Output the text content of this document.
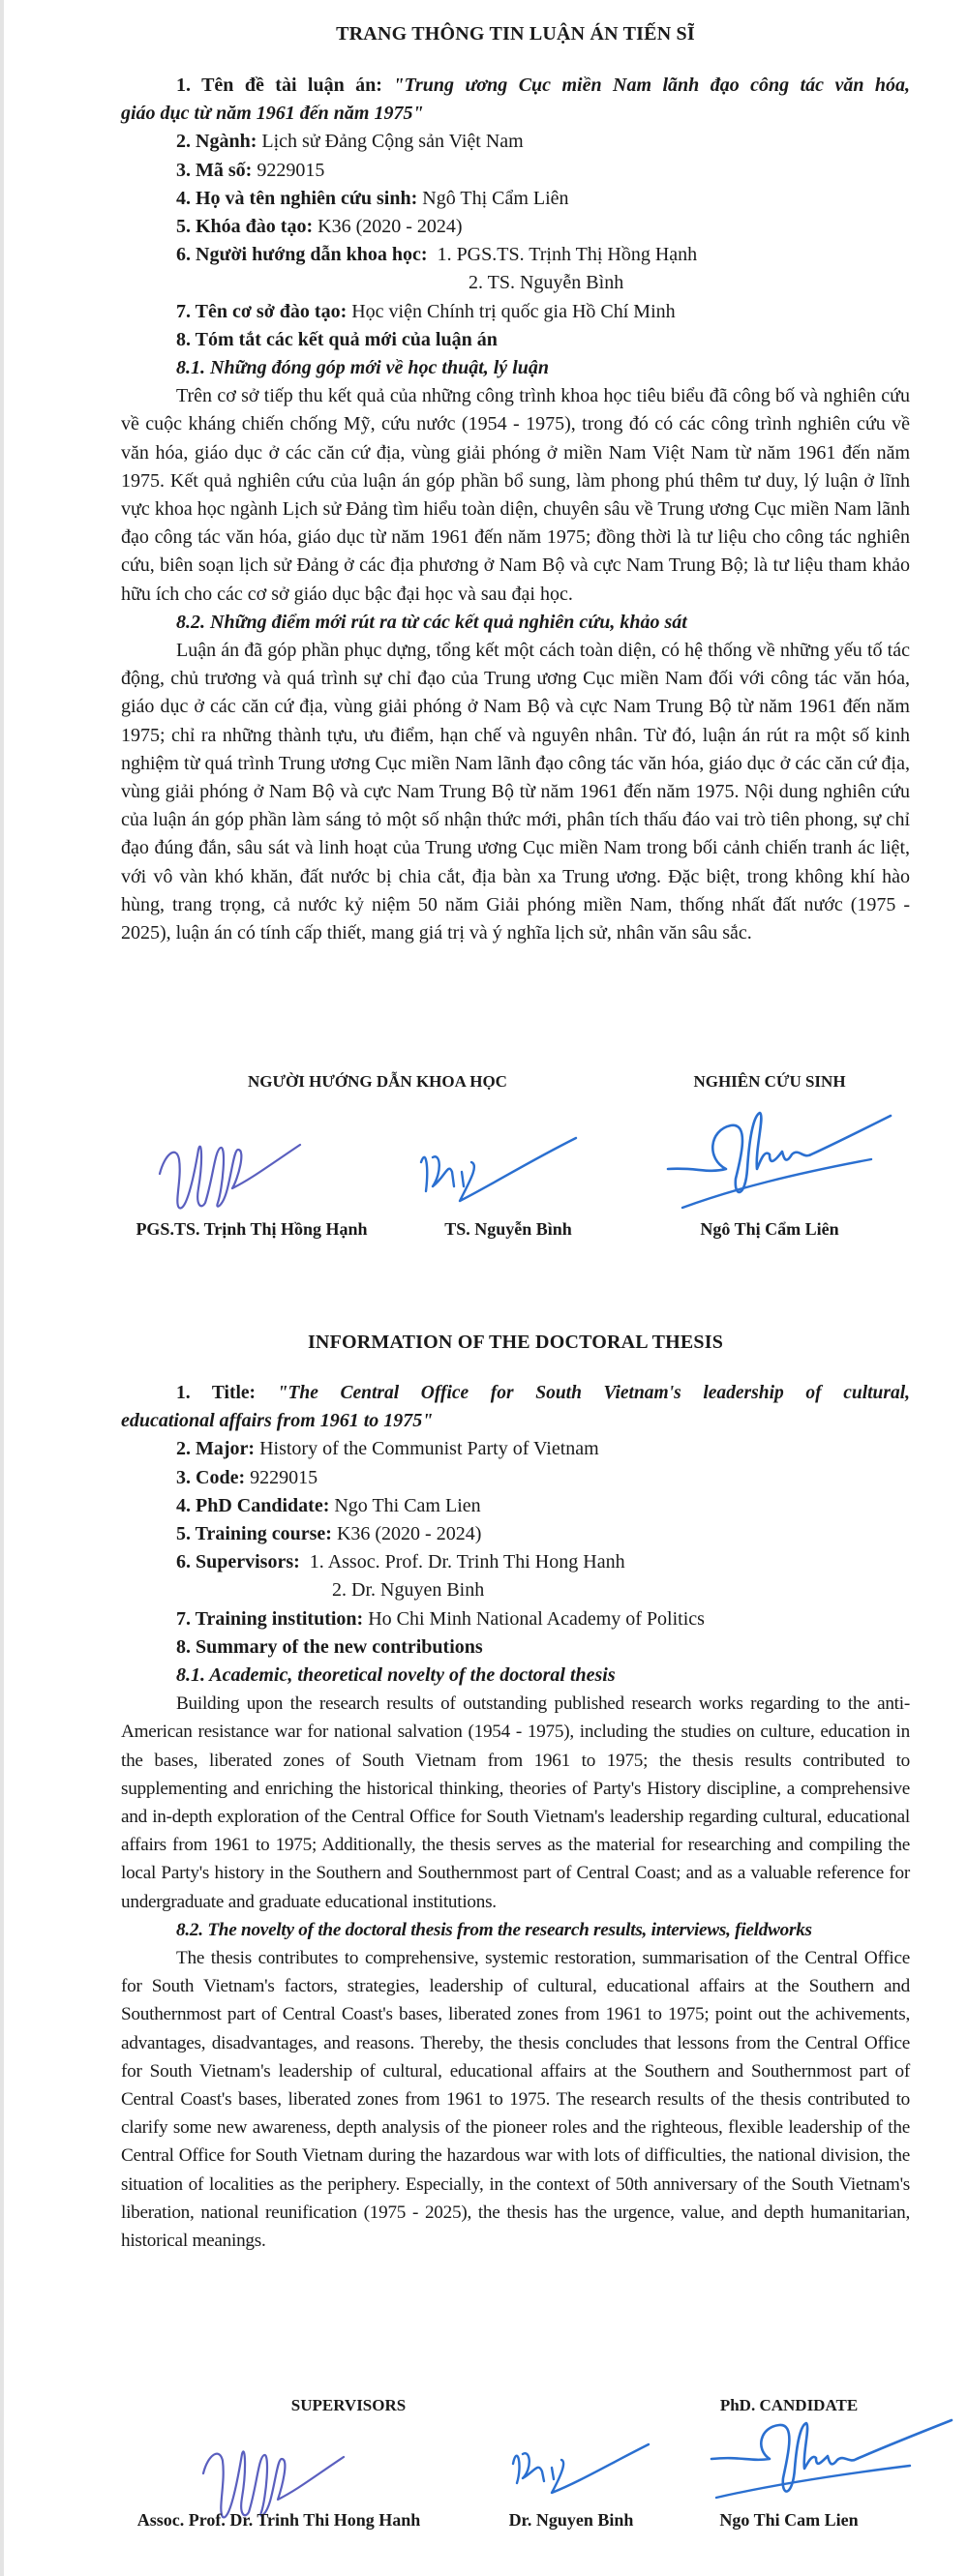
TRANG THÔNG TIN LUẬN ÁN TIẾN SĨ
1. Tên đề tài luận án: "Trung ương Cục miền Nam lãnh đạo công tác văn hóa,
giáo dục từ năm 1961 đến năm 1975"
2. Ngành: Lịch sử Đảng Cộng sản Việt Nam
3. Mã số: 9229015
4. Họ và tên nghiên cứu sinh: Ngô Thị Cẩm Liên
5. Khóa đào tạo: K36 (2020 - 2024)
6. Người hướng dẫn khoa học: 1. PGS.TS. Trịnh Thị Hồng Hạnh
2. TS. Nguyễn Bình
7. Tên cơ sở đào tạo: Học viện Chính trị quốc gia Hồ Chí Minh
8. Tóm tắt các kết quả mới của luận án
8.1. Những đóng góp mới về học thuật, lý luận

Trên cơ sở tiếp thu kết quả của những công trình khoa học tiêu biểu đã công bố và nghiên cứu về cuộc kháng chiến chống Mỹ, cứu nước (1954 - 1975), trong đó có các công trình nghiên cứu về văn hóa, giáo dục ở các căn cứ địa, vùng giải phóng ở miền Nam Việt Nam từ năm 1961 đến năm 1975. Kết quả nghiên cứu của luận án góp phần bổ sung, làm phong phú thêm tư duy, lý luận ở lĩnh vực khoa học ngành Lịch sử Đảng tìm hiểu toàn diện, chuyên sâu về Trung ương Cục miền Nam lãnh đạo công tác văn hóa, giáo dục từ năm 1961 đến năm 1975; đồng thời là tư liệu cho công tác nghiên cứu, biên soạn lịch sử Đảng ở các địa phương ở Nam Bộ và cực Nam Trung Bộ; là tư liệu tham khảo hữu ích cho các cơ sở giáo dục bậc đại học và sau đại học.

8.2. Những điểm mới rút ra từ các kết quả nghiên cứu, khảo sát

Luận án đã góp phần phục dựng, tổng kết một cách toàn diện, có hệ thống về những yếu tố tác động, chủ trương và quá trình sự chỉ đạo của Trung ương Cục miền Nam đối với công tác văn hóa, giáo dục ở các căn cứ địa, vùng giải phóng ở Nam Bộ và cực Nam Trung Bộ từ năm 1961 đến năm 1975; chỉ ra những thành tựu, ưu điểm, hạn chế và nguyên nhân. Từ đó, luận án rút ra một số kinh nghiệm từ quá trình Trung ương Cục miền Nam lãnh đạo công tác văn hóa, giáo dục ở các căn cứ địa, vùng giải phóng ở Nam Bộ và cực Nam Trung Bộ từ năm 1961 đến năm 1975. Nội dung nghiên cứu của luận án góp phần làm sáng tỏ một số nhận thức mới, phân tích thấu đáo vai trò tiên phong, sự chỉ đạo đúng đắn, sâu sát và linh hoạt của Trung ương Cục miền Nam trong bối cảnh chiến tranh ác liệt, với vô vàn khó khăn, đất nước bị chia cắt, địa bàn xa Trung ương. Đặc biệt, trong không khí hào hùng, trang trọng, cả nước kỷ niệm 50 năm Giải phóng miền Nam, thống nhất đất nước (1975 - 2025), luận án có tính cấp thiết, mang giá trị và ý nghĩa lịch sử, nhân văn sâu sắc.

NGƯỜI HƯỚNG DẪN KHOA HỌC	NGHIÊN CỨU SINH
PGS.TS. Trịnh Thị Hồng Hạnh	TS. Nguyễn Bình	Ngô Thị Cẩm Liên
INFORMATION OF THE DOCTORAL THESIS
1. Title: "The Central Office for South Vietnam's leadership of cultural,
educational affairs from 1961 to 1975"
2. Major: History of the Communist Party of Vietnam
3. Code: 9229015
4. PhD Candidate: Ngo Thi Cam Lien
5. Training course: K36 (2020 - 2024)
6. Supervisors: 1. Assoc. Prof. Dr. Trinh Thi Hong Hanh
2. Dr. Nguyen Binh
7. Training institution: Ho Chi Minh National Academy of Politics
8. Summary of the new contributions
8.1. Academic, theoretical novelty of the doctoral thesis

Building upon the research results of outstanding published research works regarding to the anti-American resistance war for national salvation (1954 - 1975), including the studies on culture, education in the bases, liberated zones of South Vietnam from 1961 to 1975; the thesis results contributed to supplementing and enriching the historical thinking, theories of Party's History discipline, a comprehensive and in-depth exploration of the Central Office for South Vietnam's leadership regarding cultural, educational affairs from 1961 to 1975; Additionally, the thesis serves as the material for researching and compiling the local Party's history in the Southern and Southernmost part of Central Coast; and as a valuable reference for undergraduate and graduate educational institutions.

8.2. The novelty of the doctoral thesis from the research results, interviews, fieldworks

The thesis contributes to comprehensive, systemic restoration, summarisation of the Central Office for South Vietnam's factors, strategies, leadership of cultural, educational affairs at the Southern and Southernmost part of Central Coast's bases, liberated zones from 1961 to 1975; point out the achivements, advantages, disadvantages, and reasons. Thereby, the thesis concludes that lessons from the Central Office for South Vietnam's leadership of cultural, educational affairs at the Southern and Southernmost part of Central Coast's bases, liberated zones from 1961 to 1975. The research results of the thesis contributed to clarify some new awareness, depth analysis of the pioneer roles and the righteous, flexible leadership of the Central Office for South Vietnam during the hazardous war with lots of difficulties, the national division, the situation of localities as the periphery. Especially, in the context of 50th anniversary of the South Vietnam's liberation, national reunification (1975 - 2025), the thesis has the urgence, value, and depth humanitarian, historical meanings.

SUPERVISORS	PhD. CANDIDATE
Assoc. Prof. Dr. Trinh Thi Hong Hanh	Dr. Nguyen Binh	Ngo Thi Cam Lien
